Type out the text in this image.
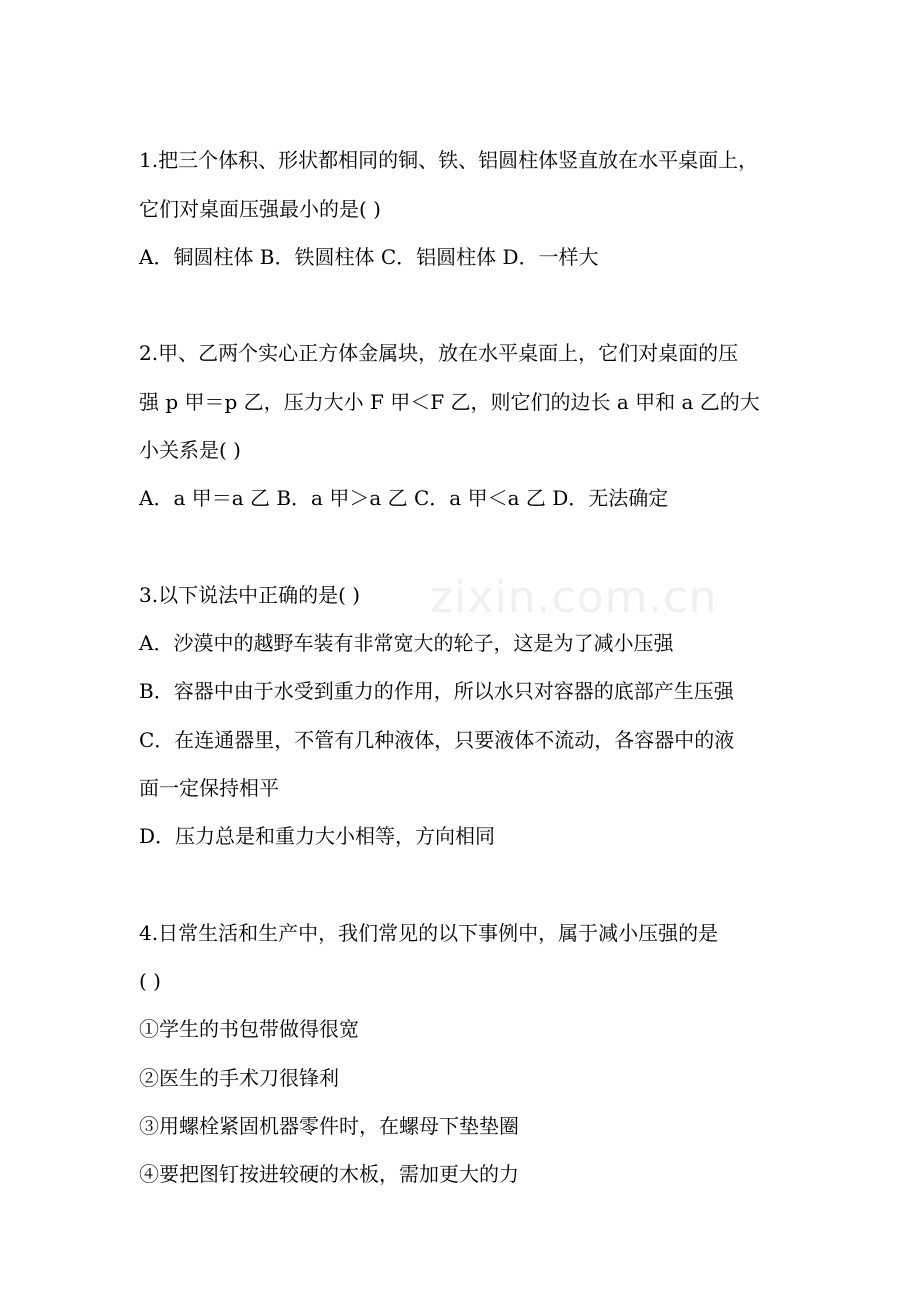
zixin.com.cn
1.把三个体积、形状都相同的铜、铁、铝圆柱体竖直放在水平桌面上，
它们对桌面压强最小的是( )
A．铜圆柱体 B．铁圆柱体 C．铝圆柱体 D．一样大
2.甲、乙两个实心正方体金属块，放在水平桌面上，它们对桌面的压
强 p 甲＝p 乙，压力大小 F 甲＜F 乙，则它们的边长 a 甲和 a 乙的大
小关系是( )
A．a 甲＝a 乙 B．a 甲＞a 乙 C．a 甲＜a 乙 D．无法确定
3.以下说法中正确的是( )
A．沙漠中的越野车装有非常宽大的轮子，这是为了减小压强
B．容器中由于水受到重力的作用，所以水只对容器的底部产生压强
C．在连通器里，不管有几种液体，只要液体不流动，各容器中的液
面一定保持相平
D．压力总是和重力大小相等，方向相同
4.日常生活和生产中，我们常见的以下事例中，属于减小压强的是
( )
①学生的书包带做得很宽
②医生的手术刀很锋利
③用螺栓紧固机器零件时，在螺母下垫垫圈
④要把图钉按进较硬的木板，需加更大的力
